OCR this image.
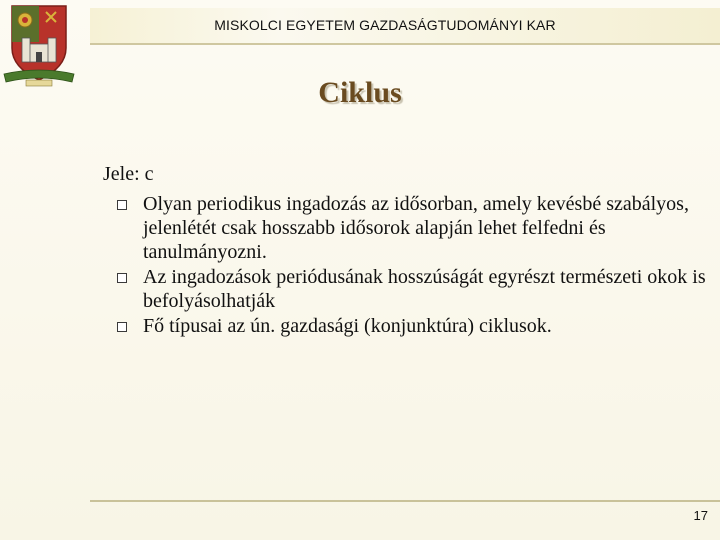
MISKOLCI EGYETEM GAZDASÁGTUDOMÁNYI KAR
Ciklus

Jele: c

Olyan periodikus ingadozás az idősorban, amely kevésbé szabályos, jelenlétét csak hosszabb idősorok alapján lehet felfedni és tanulmányozni.
Az ingadozások periódusának hosszúságát egyrészt természeti okok is befolyásolhatják
Fő típusai az ún. gazdasági (konjunktúra) ciklusok.
17
